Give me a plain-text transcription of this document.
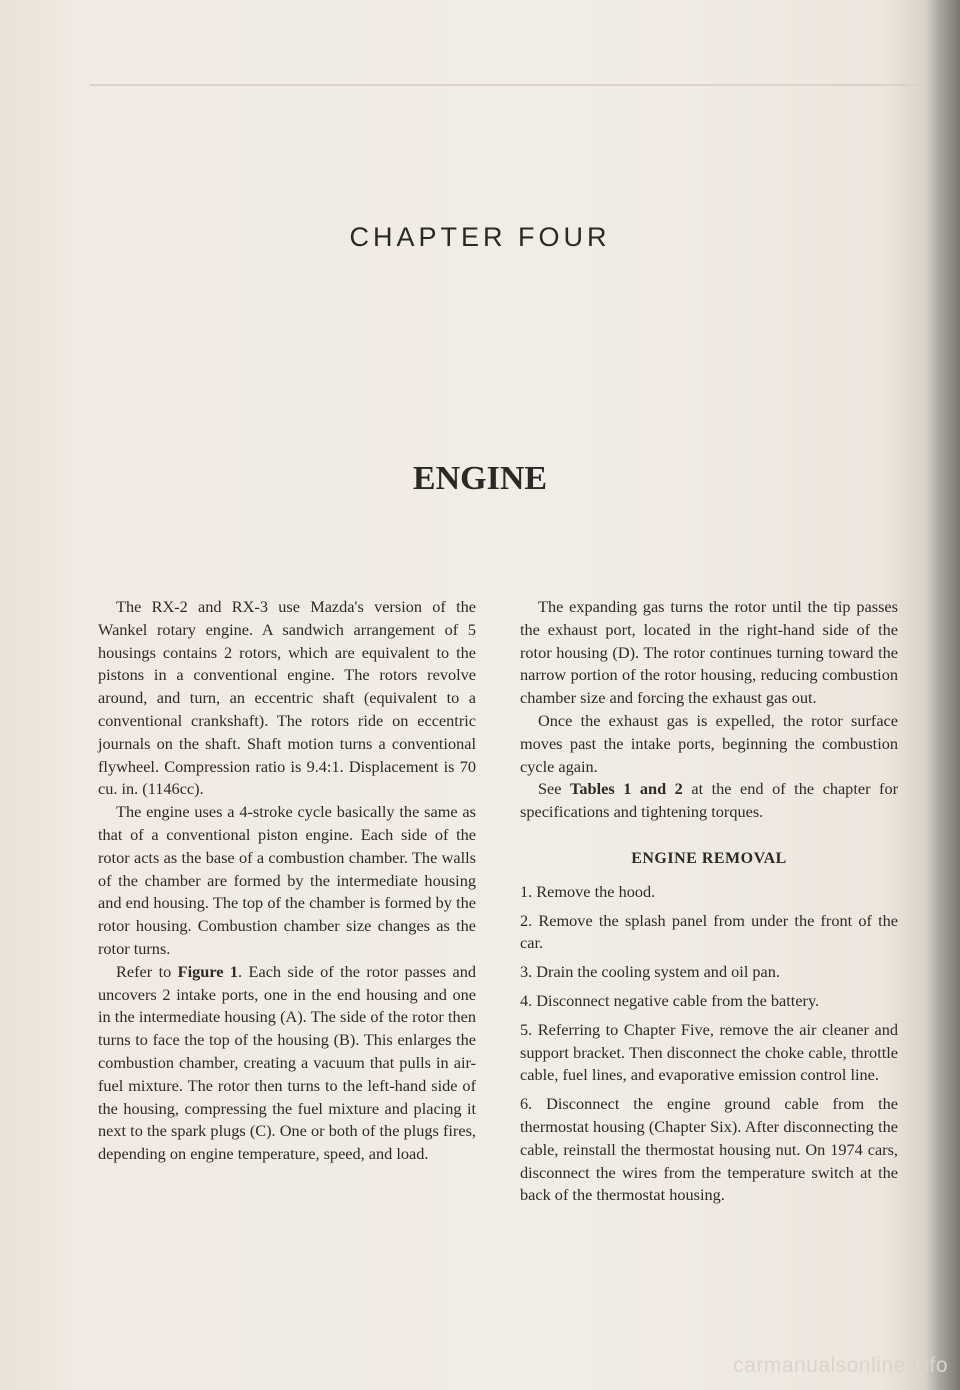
CHAPTER FOUR
ENGINE

The RX-2 and RX-3 use Mazda's version of the Wankel rotary engine. A sandwich arrangement of 5 housings contains 2 rotors, which are equivalent to the pistons in a conventional engine. The rotors revolve around, and turn, an eccentric shaft (equivalent to a conventional crankshaft). The rotors ride on eccentric journals on the shaft. Shaft motion turns a conventional flywheel. Compression ratio is 9.4:1. Displacement is 70 cu. in. (1146cc).

The engine uses a 4-stroke cycle basically the same as that of a conventional piston engine. Each side of the rotor acts as the base of a combustion chamber. The walls of the chamber are formed by the intermediate housing and end housing. The top of the chamber is formed by the rotor housing. Combustion chamber size changes as the rotor turns.

Refer to Figure 1. Each side of the rotor passes and uncovers 2 intake ports, one in the end housing and one in the intermediate housing (A). The side of the rotor then turns to face the top of the housing (B). This enlarges the combustion chamber, creating a vacuum that pulls in air-fuel mixture. The rotor then turns to the left-hand side of the housing, compressing the fuel mixture and placing it next to the spark plugs (C). One or both of the plugs fires, depending on engine temperature, speed, and load.

The expanding gas turns the rotor until the tip passes the exhaust port, located in the right-hand side of the rotor housing (D). The rotor continues turning toward the narrow portion of the rotor housing, reducing combustion chamber size and forcing the exhaust gas out.

Once the exhaust gas is expelled, the rotor surface moves past the intake ports, beginning the combustion cycle again.

See Tables 1 and 2 at the end of the chapter for specifications and tightening torques.

ENGINE REMOVAL

1. Remove the hood.

2. Remove the splash panel from under the front of the car.

3. Drain the cooling system and oil pan.

4. Disconnect negative cable from the battery.

5. Referring to Chapter Five, remove the air cleaner and support bracket. Then disconnect the choke cable, throttle cable, fuel lines, and evaporative emission control line.

6. Disconnect the engine ground cable from the thermostat housing (Chapter Six). After disconnecting the cable, reinstall the thermostat housing nut. On 1974 cars, disconnect the wires from the temperature switch at the back of the thermostat housing.

carmanualsonline.info
